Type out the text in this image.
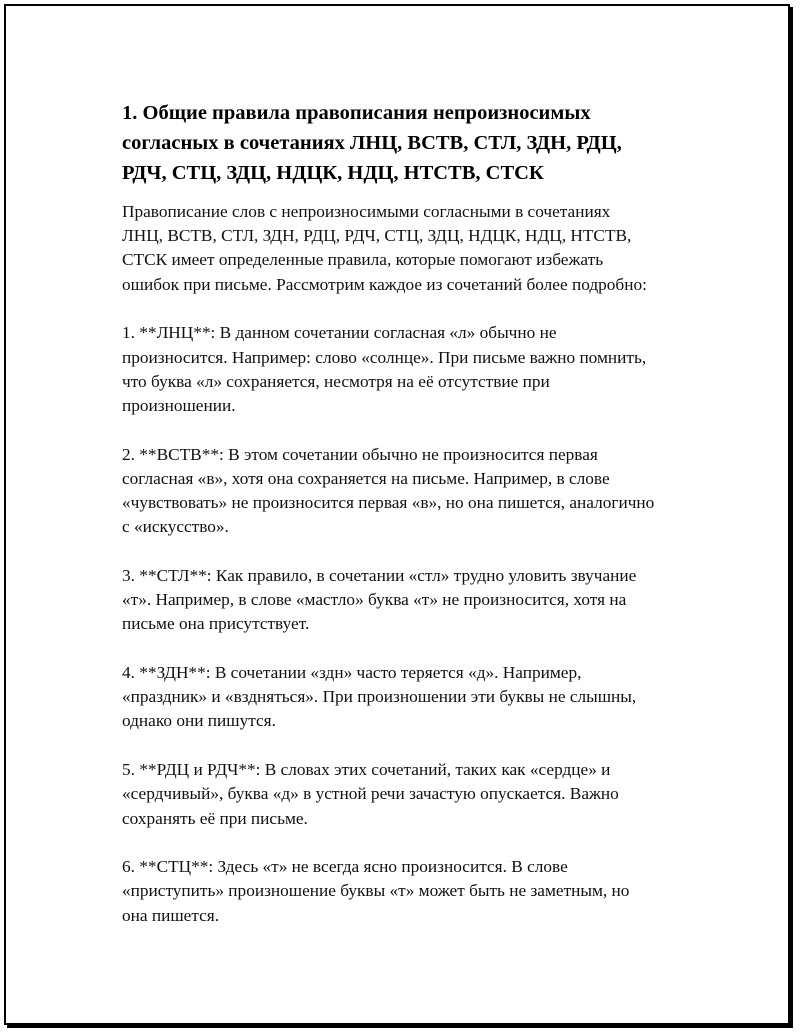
1. Общие правила правописания непроизносимых
согласных в сочетаниях ЛНЦ, ВСТВ, СТЛ, ЗДН, РДЦ,
РДЧ, СТЦ, ЗДЦ, НДЦК, НДЦ, НТСТВ, СТСК

Правописание слов с непроизносимыми согласными в сочетаниях
ЛНЦ, ВСТВ, СТЛ, ЗДН, РДЦ, РДЧ, СТЦ, ЗДЦ, НДЦК, НДЦ, НТСТВ,
СТСК имеет определенные правила, которые помогают избежать
ошибок при письме. Рассмотрим каждое из сочетаний более подробно:

1. **ЛНЦ**: В данном сочетании согласная «л» обычно не
произносится. Например: слово «солнце». При письме важно помнить,
что буква «л» сохраняется, несмотря на её отсутствие при
произношении.

2. **ВСТВ**: В этом сочетании обычно не произносится первая
согласная «в», хотя она сохраняется на письме. Например, в слове
«чувствовать» не произносится первая «в», но она пишется, аналогично
с «искусство».

3. **СТЛ**: Как правило, в сочетании «стл» трудно уловить звучание
«т». Например, в слове «мастло» буква «т» не произносится, хотя на
письме она присутствует.

4. **ЗДН**: В сочетании «здн» часто теряется «д». Например,
«праздник» и «вздняться». При произношении эти буквы не слышны,
однако они пишутся.

5. **РДЦ и РДЧ**: В словах этих сочетаний, таких как «сердце» и
«сердчивый», буква «д» в устной речи зачастую опускается. Важно
сохранять её при письме.

6. **СТЦ**: Здесь «т» не всегда ясно произносится. В слове
«приступить» произношение буквы «т» может быть не заметным, но
она пишется.
